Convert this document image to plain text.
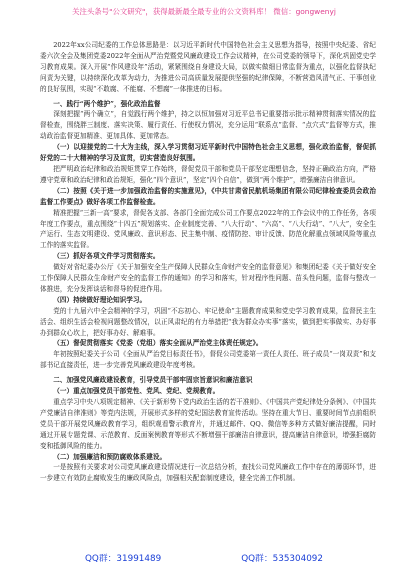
关注头条号"公文研究"，获得最新最全最专业的公文资料库！ 微信：gongwenyj

2022年xx公司纪委的工作总体思路是：以习近平新时代中国特色社会主义思想为指导，按照中央纪委、省纪委六次全会及集团党委2022年全面从严治党暨党风廉政建设工作会议精神，在公司党委的领导下，深化巩固党史学习教育成果。深入开展“作风建设年”活动，紧紧围绕自身建设大局，以做实做细日常监督为重点，以强化监督执纪问责为关键，以持续深化改革为动力，为推进公司高质量发展提供坚强的纪律保障，不断营造风清气正、干事创业的良好氛围，实现“不敢腐、不能腐、不想腐”一体推进的目标。

一、践行“两个维护”，强化政治监督

深刻把握“两个确立”，自觉践行两个维护，持之以恒加强对习近平总书记重要指示批示精神贯彻落实情况的监督检查，围绕胖三制度、落实决策、履行责任、行使权力情况，充分运用“联系点”监督、“点穴式”监督等方式，推动政治监督更加精准、更加具体、更加常态。

（一）以迎接党的二十大为主线，深入学习贯彻习近平新时代中国特色社会主义思想，强化政治监督，督促抓好党的二十大精神的学习及宣贯，切实营造良好氛围。

把严明政治纪律和政治规矩贯穿工作始终，督促党员干部和党员干部坚定理想信念，坚持正确政治方向，严格遵守党章和政治纪律和政治规矩，强化“四个意识”，坚定“四个自信”，做到“两个维护”，增强廉洁自律意识。

（二）按照《关于进一步加强政治监督的实施意见》，《中共甘肃省民航机场集团有限公司纪律检查委员会政治监督工作要点》做好各项工作监督检查。

精准把握“三新一高”要求，督促各支部、各部门全面完成公司工作要点2022年的工作会议中的工作任务，各项年度工作要点，重点围绕“十四五”规划落实、企业制度完善、“八大行动”、“六高”、“八大行动”、“八大”，安全生产运行、生态文明建设、党风廉政、意识形态、民主集中制、疫情防控、审计反馈、防范化解重点领域风险等重点工作的落实监督。

（三）抓好各项文件学习贯彻落实。

做好对省纪委办公厅《关于加强安全生产保障人民群众生命财产安全的监督意见》和集团纪委《关于做好安全工作保障人民群众生命财产安全的监督工作的通知》的学习和落实，针对程序性问题、苗头性问题，监督与整改一体推进，充分发挥谈话和督导的促进作用。

（四）持续做好理论知识学习。

党的十九届六中全会精神的学习，巩固“不忘初心、牢记使命”主题教育成果和党史学习教育成果，监督民主生活会、组织生活会检视问题整改情况，以正风肃纪的有力举措把“我为群众办实事”落实，做到把实事做实、办好事办到群众心坎上，把好事办好、解难事。

（五）督促贯彻落实《党委（党组）落实全面从严治党主体责任规定》。

年初按照纪委关于公司《全面从严治党目标责任书》，督促公司党委第一责任人责任、班子成员“一岗双责”和支部书记直接责任，进一步完善党风廉政建设年度考核。

二、加强党风廉政建设教育，引导党员干部牢固宗旨意识和廉洁意识

（一）重点加强党员干部党性、党风、党纪、党规教育。

重点学习中央八项规定精神、《关于新形势下党内政治生活的若干准则》、《中国共产党纪律处分条例》、《中国共产党廉洁自律准则》等党内法规，开展形式多样的党纪国法教育宣传活动。坚持在重大节日、重要时间节点前组织党员干部开展党风廉政教育学习，组织观看警示教育片，并通过邮件、QQ、微信等多种方式做好廉洁提醒，同时通过开展专题党课、示范教育、反面案例教育等形式不断增强干部廉洁自律意识，提高廉洁自律意识，增强拒腐防变和抵御风险的能力。

（二）加强廉洁和预防腐败体系建设。

一是按照有关要求对公司党风廉政建设情况进行一次总结分析，查找公司党风廉政工作中存在的薄弱环节，进一步建立有效防止腐败发生的廉政风险点，加强相关配套制度建设，健全完善工作机制。

QQ群：31991489	QQ群：535304092
